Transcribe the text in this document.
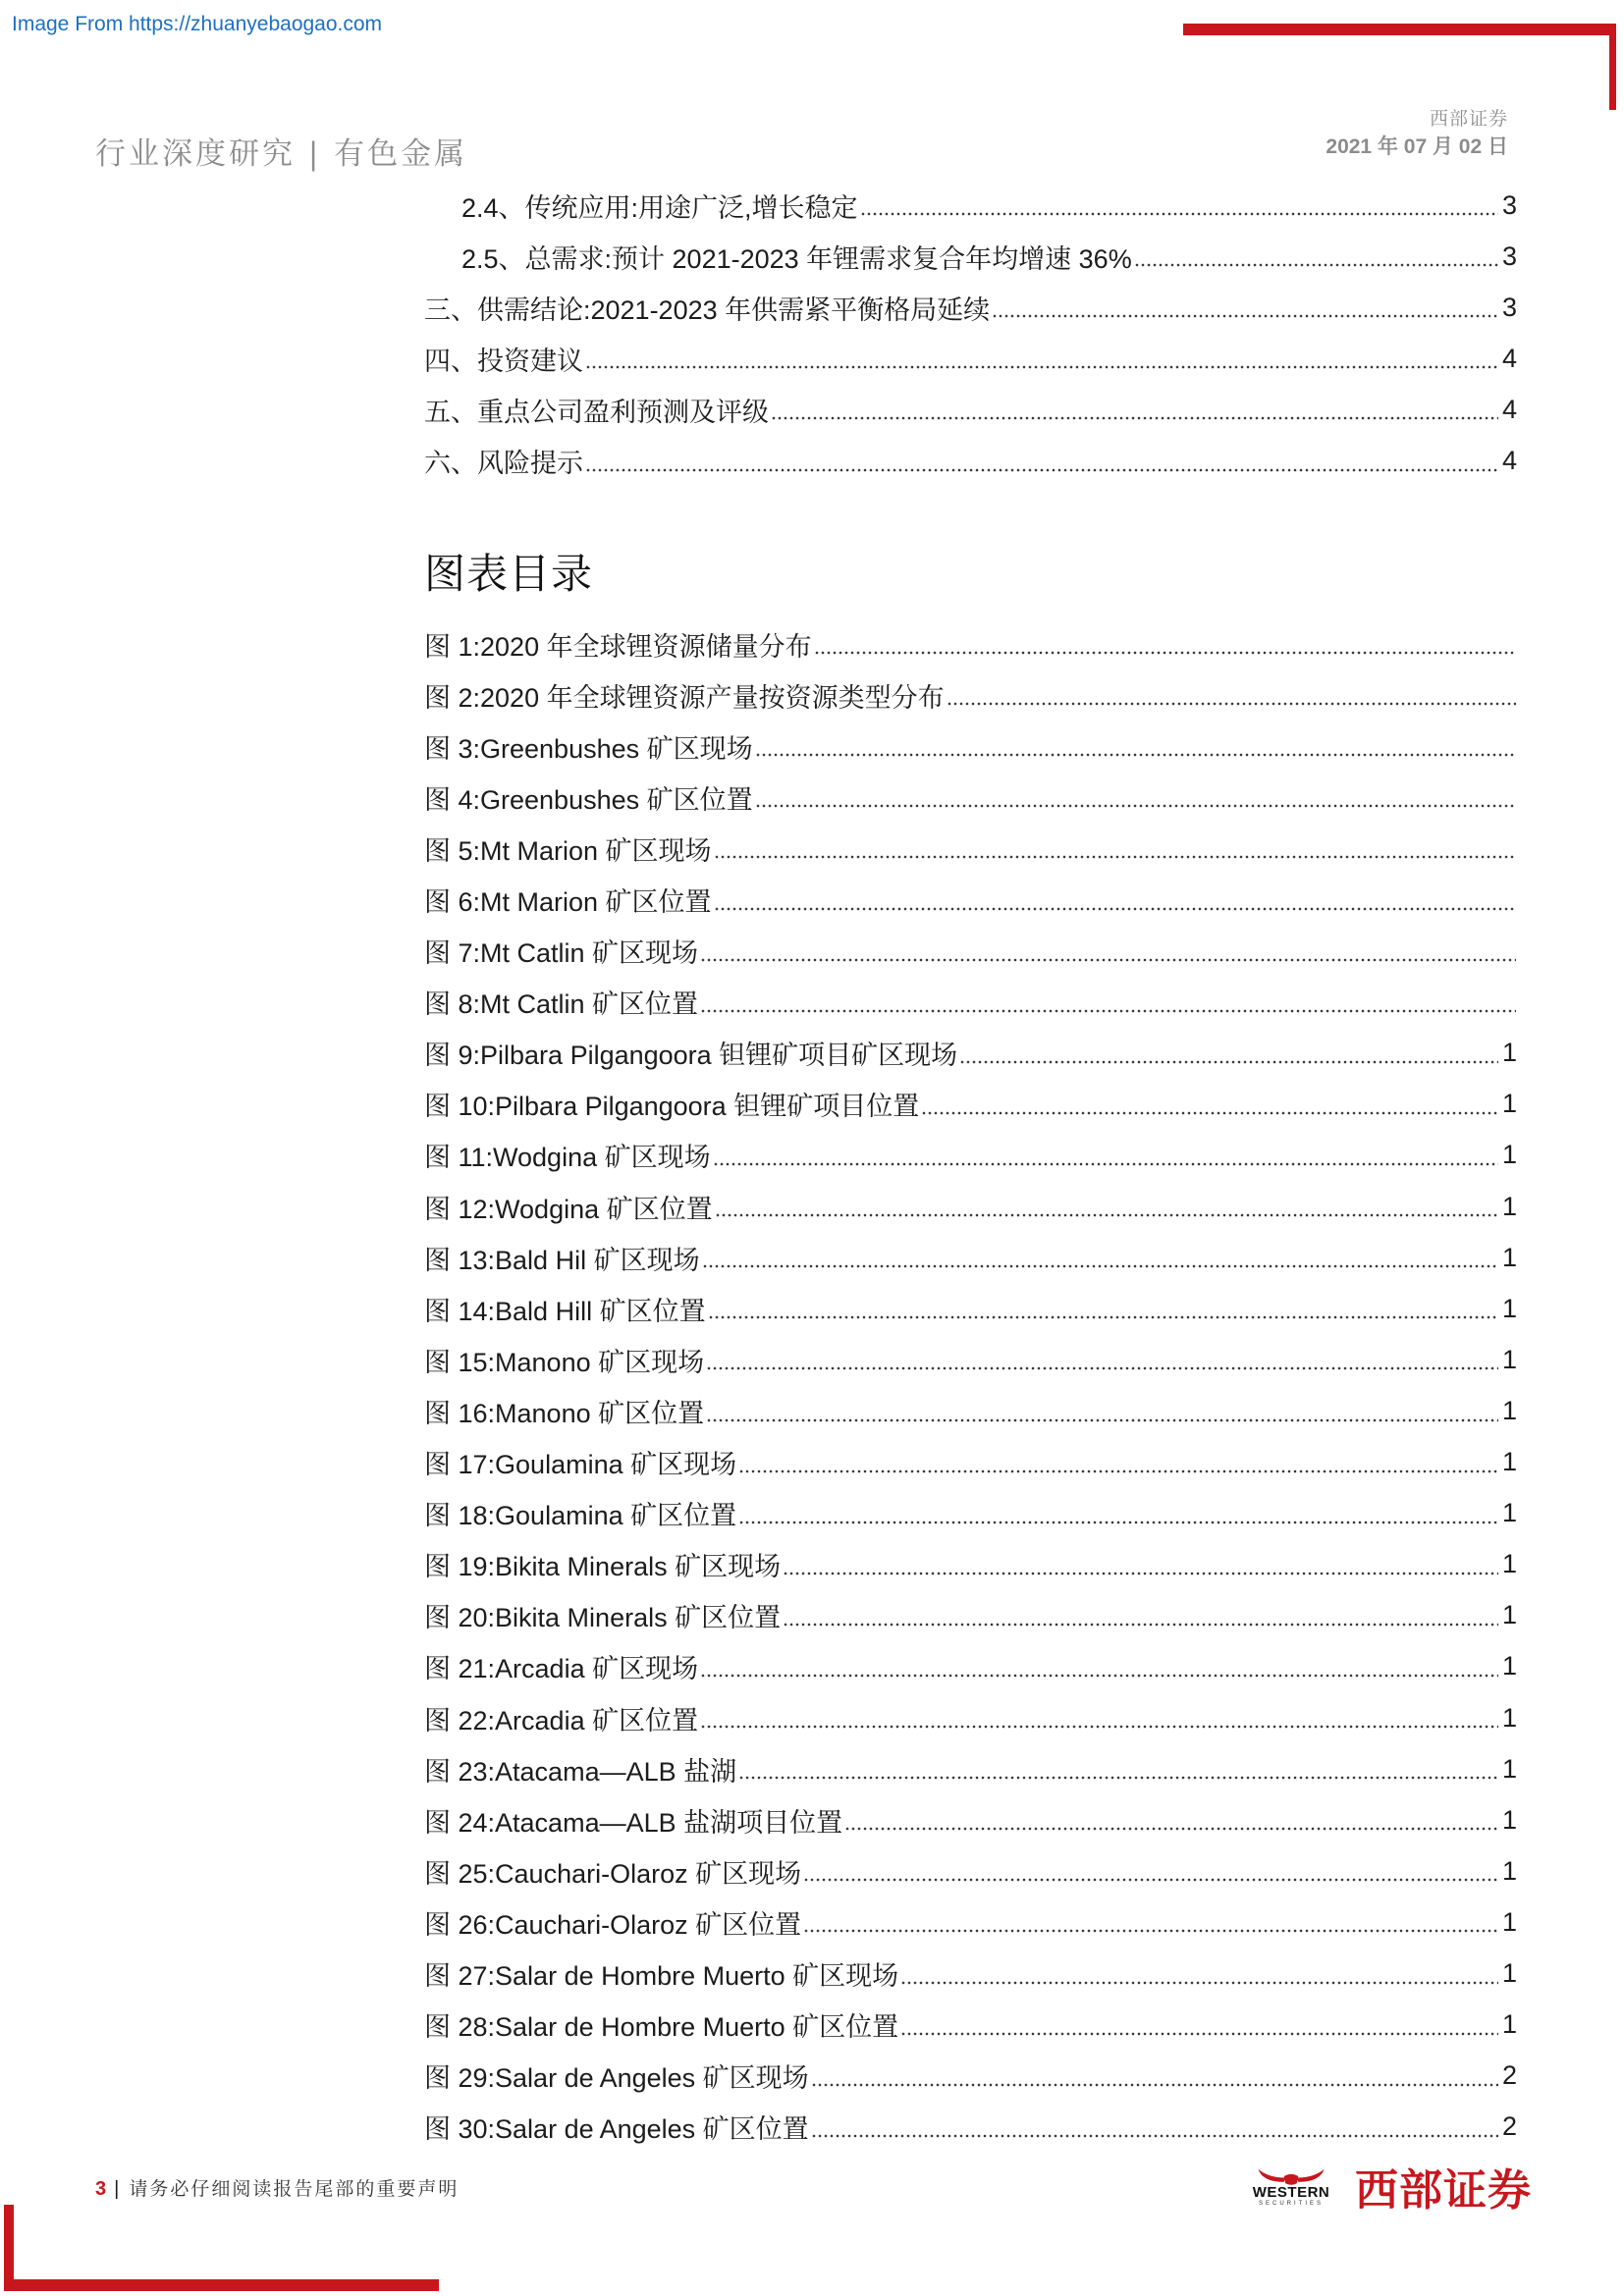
Image From https://zhuanyebaogao.com
行业深度研究 | 有色金属
西部证券
2021 年 07 月 02 日
2.4、传统应用:用途广泛,增长稳定	3
2.5、总需求:预计 2021-2023 年锂需求复合年均增速 36%	3
三、供需结论:2021-2023 年供需紧平衡格局延续	3
四、投资建议	4
五、重点公司盈利预测及评级	4
六、风险提示	4
图表目录
图 1:2020 年全球锂资源储量分布
图 2:2020 年全球锂资源产量按资源类型分布
图 3:Greenbushes 矿区现场
图 4:Greenbushes 矿区位置
图 5:Mt Marion 矿区现场
图 6:Mt Marion 矿区位置
图 7:Mt Catlin 矿区现场
图 8:Mt Catlin 矿区位置
图 9:Pilbara Pilgangoora 钽锂矿项目矿区现场	1
图 10:Pilbara Pilgangoora 钽锂矿项目位置	1
图 11:Wodgina 矿区现场	1
图 12:Wodgina 矿区位置	1
图 13:Bald Hil 矿区现场	1
图 14:Bald Hill 矿区位置	1
图 15:Manono 矿区现场	1
图 16:Manono 矿区位置	1
图 17:Goulamina 矿区现场	1
图 18:Goulamina 矿区位置	1
图 19:Bikita Minerals 矿区现场	1
图 20:Bikita Minerals 矿区位置	1
图 21:Arcadia 矿区现场	1
图 22:Arcadia 矿区位置	1
图 23:Atacama—ALB 盐湖	1
图 24:Atacama—ALB 盐湖项目位置	1
图 25:Cauchari-Olaroz 矿区现场	1
图 26:Cauchari-Olaroz 矿区位置	1
图 27:Salar de Hombre Muerto 矿区现场	1
图 28:Salar de Hombre Muerto 矿区位置	1
图 29:Salar de Angeles 矿区现场	2
图 30:Salar de Angeles 矿区位置	2
3 | 请务必仔细阅读报告尾部的重要声明	WESTERN
SECURITIES 西部证券
